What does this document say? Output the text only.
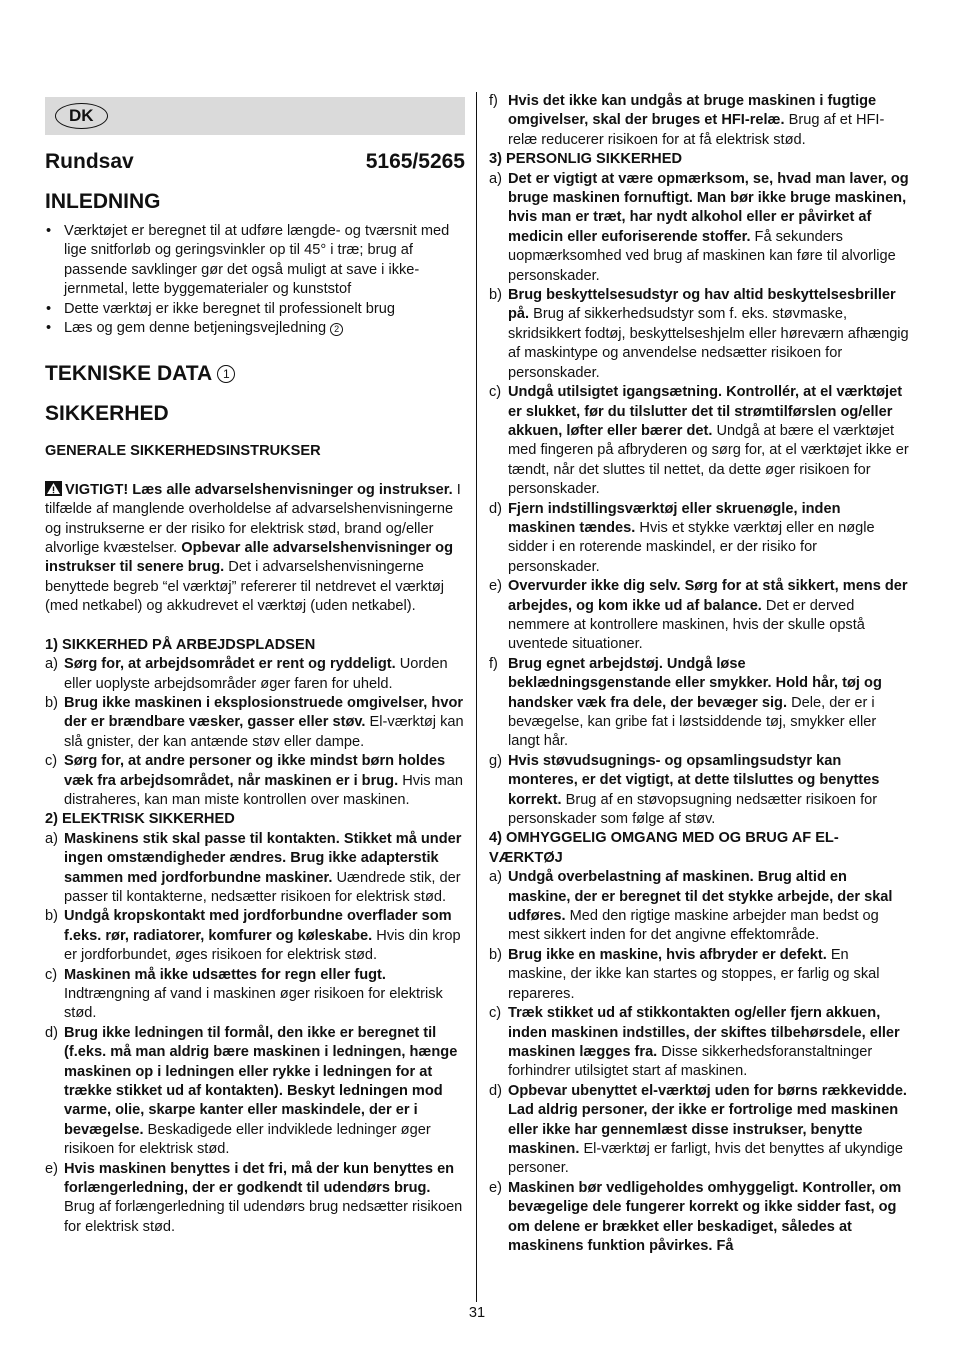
DK
Rundsav	5165/5265
INLEDNING
• Værktøjet er beregnet til at udføre længde- og tværsnit med lige snitforløb og geringsvinkler op til 45° i træ; brug af passende savklinger gør det også muligt at save i ikke-jernmetal, lette byggematerialer og kunststof
• Dette værktøj er ikke beregnet til professionelt brug
• Læs og gem denne betjeningsvejledning 2
TEKNISKE DATA 1
SIKKERHED
GENERALE SIKKERHEDSINSTRUKSER
VIGTIGT! Læs alle advarselshenvisninger og instrukser. I tilfælde af manglende overholdelse af advarselshenvisningerne og instrukserne er der risiko for elektrisk stød, brand og/eller alvorlige kvæstelser. Opbevar alle advarselshenvisninger og instrukser til senere brug. Det i advarselshenvisningerne benyttede begreb “el værktøj” refererer til netdrevet el værktøj (med netkabel) og akkudrevet el værktøj (uden netkabel).
1) SIKKERHED PÅ ARBEJDSPLADSEN
a) Sørg for, at arbejdsområdet er rent og ryddeligt. Uorden eller uoplyste arbejdsområder øger faren for uheld.
b) Brug ikke maskinen i eksplosionstruede omgivelser, hvor der er brændbare væsker, gasser eller støv. El-værktøj kan slå gnister, der kan antænde støv eller dampe.
c) Sørg for, at andre personer og ikke mindst børn holdes væk fra arbejdsområdet, når maskinen er i brug. Hvis man distraheres, kan man miste kontrollen over maskinen.
2) ELEKTRISK SIKKERHED
a) Maskinens stik skal passe til kontakten. Stikket må under ingen omstændigheder ændres. Brug ikke adapterstik sammen med jordforbundne maskiner. Uændrede stik, der passer til kontakterne, nedsætter risikoen for elektrisk stød.
b) Undgå kropskontakt med jordforbundne overflader som f.eks. rør, radiatorer, komfurer og køleskabe. Hvis din krop er jordforbundet, øges risikoen for elektrisk stød.
c) Maskinen må ikke udsættes for regn eller fugt. Indtrængning af vand i maskinen øger risikoen for elektrisk stød.
d) Brug ikke ledningen til formål, den ikke er beregnet til (f.eks. må man aldrig bære maskinen i ledningen, hænge maskinen op i ledningen eller rykke i ledningen for at trække stikket ud af kontakten). Beskyt ledningen mod varme, olie, skarpe kanter eller maskindele, der er i bevægelse. Beskadigede eller indviklede ledninger øger risikoen for elektrisk stød.
e) Hvis maskinen benyttes i det fri, må der kun benyttes en forlængerledning, der er godkendt til udendørs brug. Brug af forlængerledning til udendørs brug nedsætter risikoen for elektrisk stød.
f) Hvis det ikke kan undgås at bruge maskinen i fugtige omgivelser, skal der bruges et HFI-relæ. Brug af et HFI-relæ reducerer risikoen for at få elektrisk stød.
3) PERSONLIG SIKKERHED
a) Det er vigtigt at være opmærksom, se, hvad man laver, og bruge maskinen fornuftigt. Man bør ikke bruge maskinen, hvis man er træt, har nydt alkohol eller er påvirket af medicin eller euforiserende stoffer. Få sekunders uopmærksomhed ved brug af maskinen kan føre til alvorlige personskader.
b) Brug beskyttelsesudstyr og hav altid beskyttelsesbriller på. Brug af sikkerhedsudstyr som f. eks. støvmaske, skridsikkert fodtøj, beskyttelseshjelm eller høreværn afhængig af maskintype og anvendelse nedsætter risikoen for personskader.
c) Undgå utilsigtet igangsætning. Kontrollér, at el værktøjet er slukket, før du tilslutter det til strømtilførslen og/eller akkuen, løfter eller bærer det. Undgå at bære el værktøjet med fingeren på afbryderen og sørg for, at el værktøjet ikke er tændt, når det sluttes til nettet, da dette øger risikoen for personskader.
d) Fjern indstillingsværktøj eller skruenøgle, inden maskinen tændes. Hvis et stykke værktøj eller en nøgle sidder i en roterende maskindel, er der risiko for personskader.
e) Overvurder ikke dig selv. Sørg for at stå sikkert, mens der arbejdes, og kom ikke ud af balance. Det er derved nemmere at kontrollere maskinen, hvis der skulle opstå uventede situationer.
f) Brug egnet arbejdstøj. Undgå løse beklædningsgenstande eller smykker. Hold hår, tøj og handsker væk fra dele, der bevæger sig. Dele, der er i bevægelse, kan gribe fat i løstsiddende tøj, smykker eller langt hår.
g) Hvis støvudsugnings- og opsamlingsudstyr kan monteres, er det vigtigt, at dette tilsluttes og benyttes korrekt. Brug af en støvopsugning nedsætter risikoen for personskader som følge af støv.
4) OMHYGGELIG OMGANG MED OG BRUG AF EL-VÆRKTØJ
a) Undgå overbelastning af maskinen. Brug altid en maskine, der er beregnet til det stykke arbejde, der skal udføres. Med den rigtige maskine arbejder man bedst og mest sikkert inden for det angivne effektområde.
b) Brug ikke en maskine, hvis afbryder er defekt. En maskine, der ikke kan startes og stoppes, er farlig og skal repareres.
c) Træk stikket ud af stikkontakten og/eller fjern akkuen, inden maskinen indstilles, der skiftes tilbehørsdele, eller maskinen lægges fra. Disse sikkerhedsforanstaltninger forhindrer utilsigtet start af maskinen.
d) Opbevar ubenyttet el-værktøj uden for børns rækkevidde. Lad aldrig personer, der ikke er fortrolige med maskinen eller ikke har gennemlæst disse instrukser, benytte maskinen. El-værktøj er farligt, hvis det benyttes af ukyndige personer.
e) Maskinen bør vedligeholdes omhyggeligt. Kontroller, om bevægelige dele fungerer korrekt og ikke sidder fast, og om delene er brækket eller beskadiget, således at maskinens funktion påvirkes. Få
31
